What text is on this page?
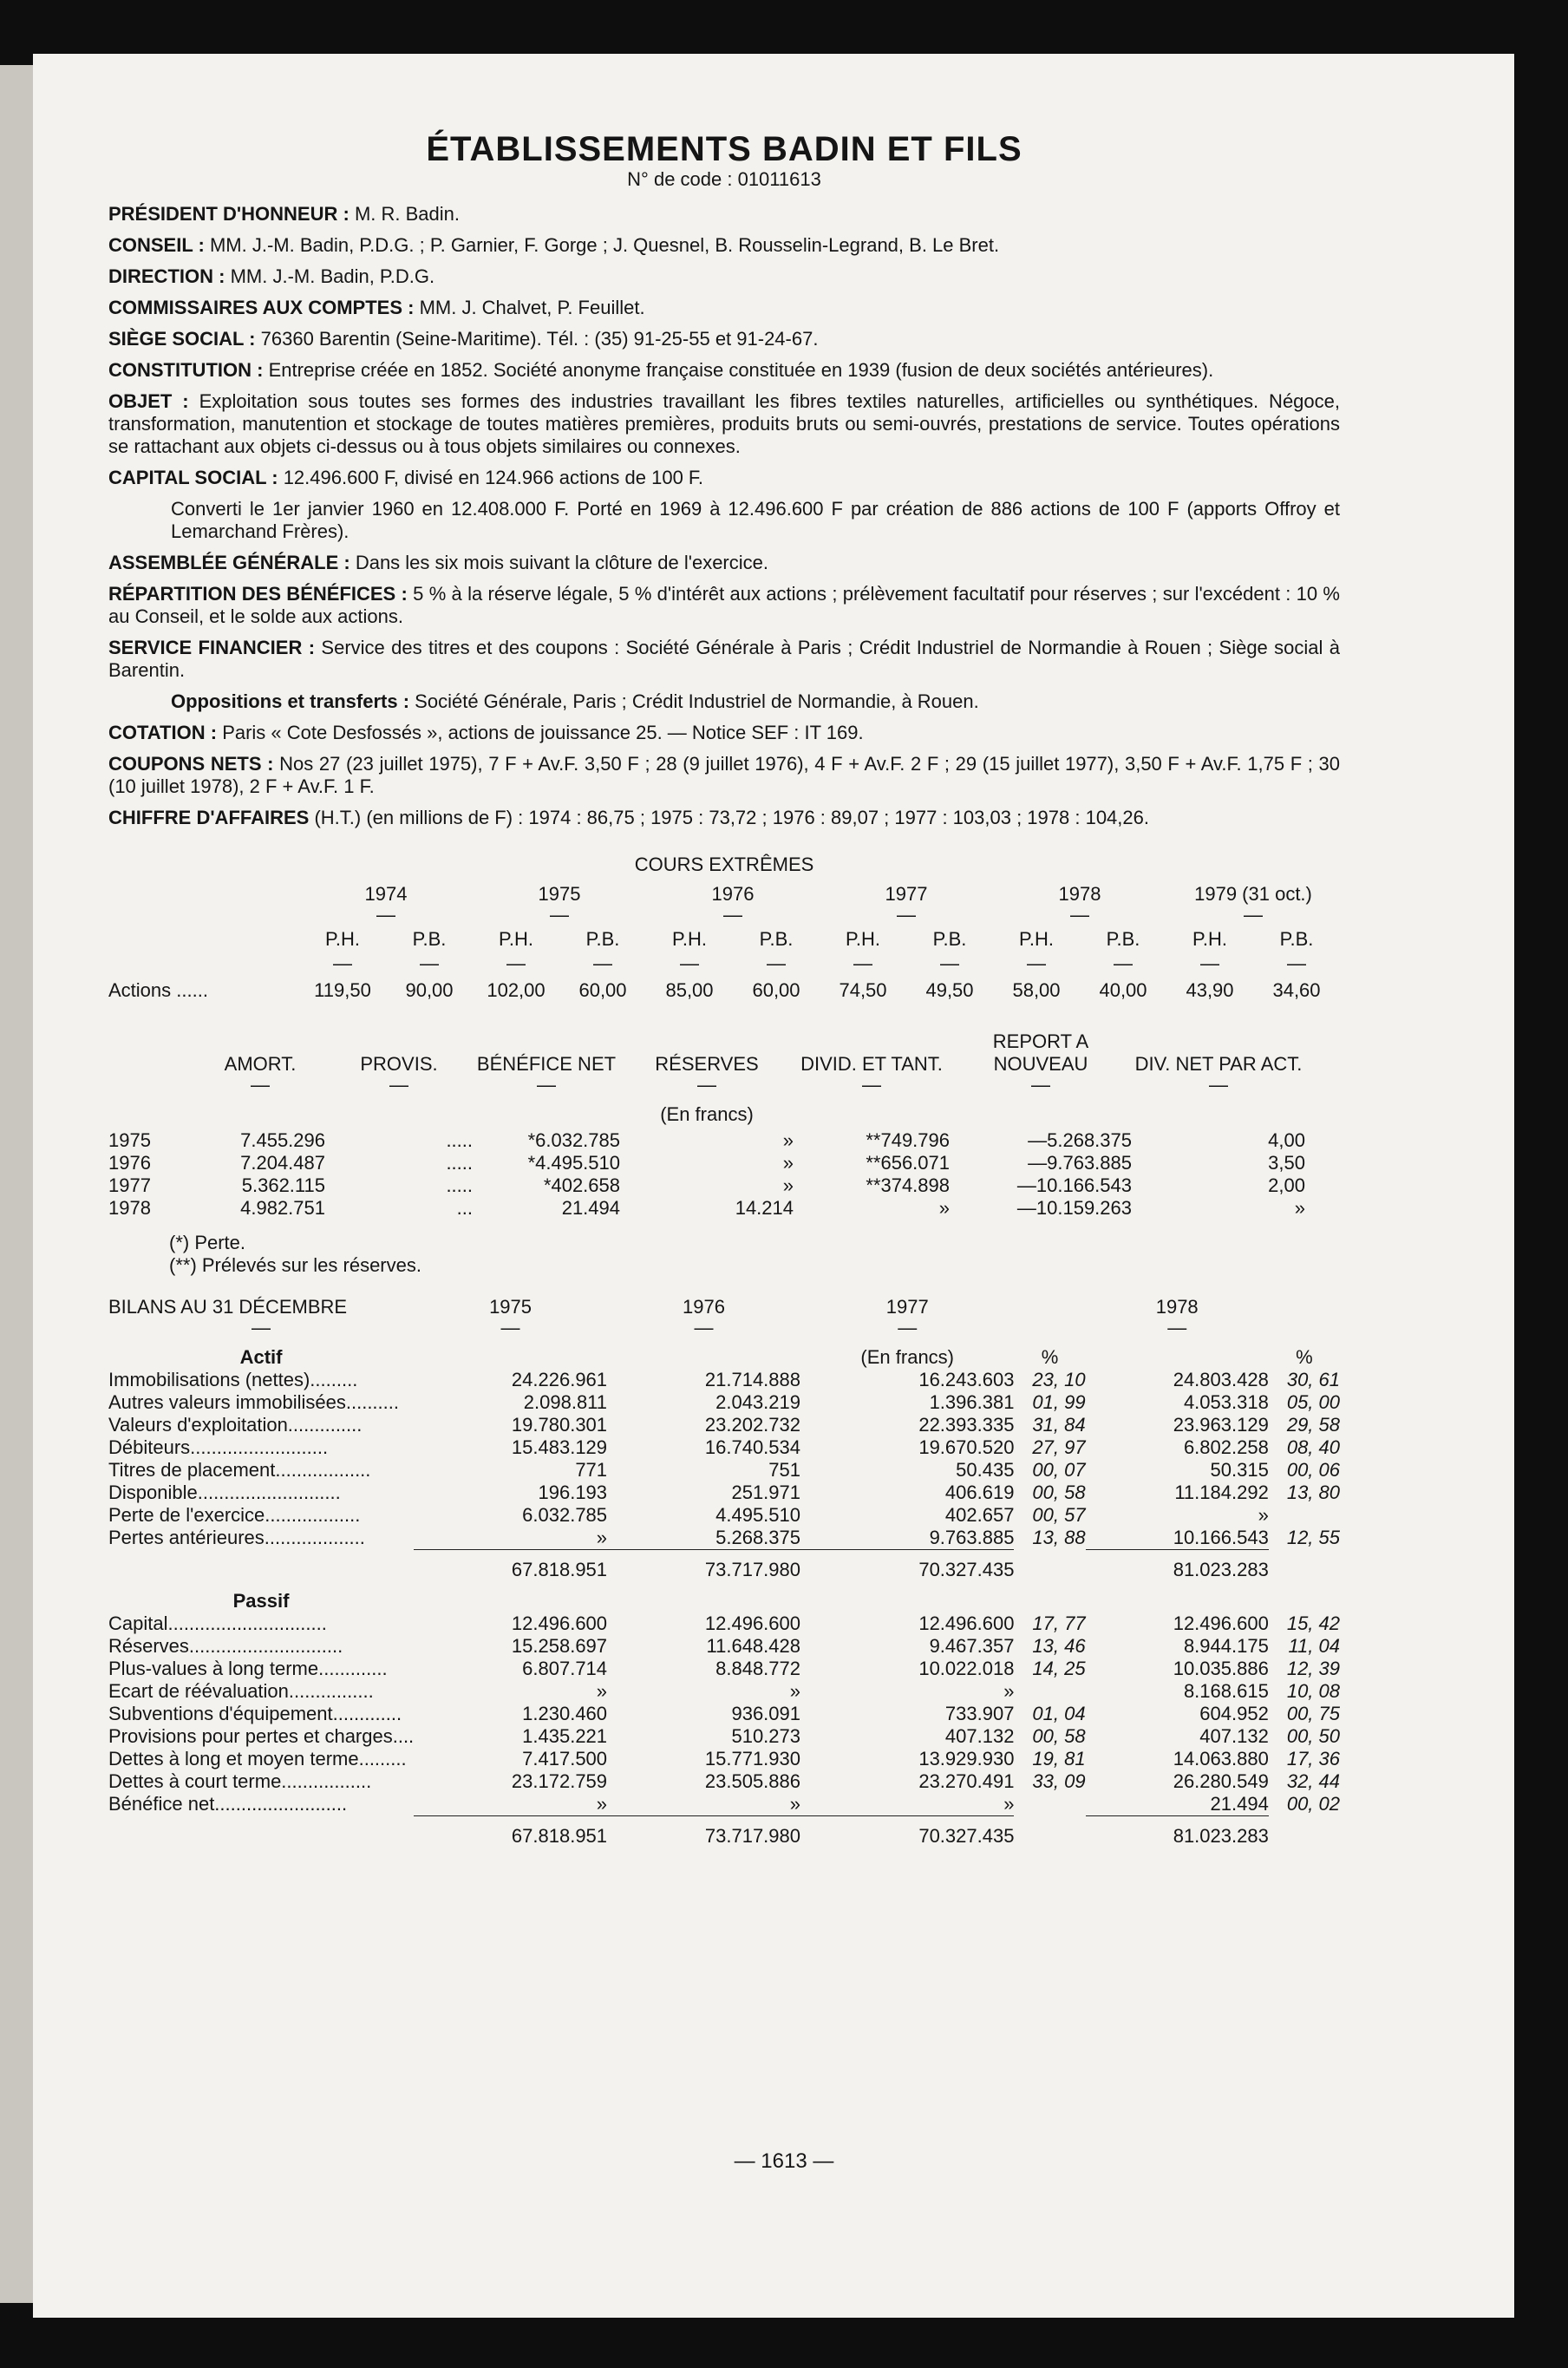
ÉTABLISSEMENTS BADIN ET FILS
N° de code : 01011613

PRÉSIDENT D'HONNEUR : M. R. Badin.

CONSEIL : MM. J.-M. Badin, P.D.G. ; P. Garnier, F. Gorge ; J. Quesnel, B. Rousselin-Legrand, B. Le Bret.

DIRECTION : MM. J.-M. Badin, P.D.G.

COMMISSAIRES AUX COMPTES : MM. J. Chalvet, P. Feuillet.

SIÈGE SOCIAL : 76360 Barentin (Seine-Maritime). Tél. : (35) 91-25-55 et 91-24-67.

CONSTITUTION : Entreprise créée en 1852. Société anonyme française constituée en 1939 (fusion de deux sociétés antérieures).

OBJET : Exploitation sous toutes ses formes des industries travaillant les fibres textiles naturelles, artificielles ou synthétiques. Négoce, transformation, manutention et stockage de toutes matières premières, produits bruts ou semi-ouvrés, prestations de service. Toutes opérations se rattachant aux objets ci-dessus ou à tous objets similaires ou connexes.

CAPITAL SOCIAL : 12.496.600 F, divisé en 124.966 actions de 100 F.

Converti le 1er janvier 1960 en 12.408.000 F. Porté en 1969 à 12.496.600 F par création de 886 actions de 100 F (apports Offroy et Lemarchand Frères).

ASSEMBLÉE GÉNÉRALE : Dans les six mois suivant la clôture de l'exercice.

RÉPARTITION DES BÉNÉFICES : 5 % à la réserve légale, 5 % d'intérêt aux actions ; prélèvement facultatif pour réserves ; sur l'excédent : 10 % au Conseil, et le solde aux actions.

SERVICE FINANCIER : Service des titres et des coupons : Société Générale à Paris ; Crédit Industriel de Normandie à Rouen ; Siège social à Barentin.

Oppositions et transferts : Société Générale, Paris ; Crédit Industriel de Normandie, à Rouen.

COTATION : Paris « Cote Desfossés », actions de jouissance 25. — Notice SEF : IT 169.

COUPONS NETS : Nos 27 (23 juillet 1975), 7 F + Av.F. 3,50 F ; 28 (9 juillet 1976), 4 F + Av.F. 2 F ; 29 (15 juillet 1977), 3,50 F + Av.F. 1,75 F ; 30 (10 juillet 1978), 2 F + Av.F. 1 F.

CHIFFRE D'AFFAIRES (H.T.) (en millions de F) : 1974 : 86,75 ; 1975 : 73,72 ; 1976 : 89,07 ; 1977 : 103,03 ; 1978 : 104,26.

COURS EXTRÊMES
	1974		1975		1976		1977		1978		1979 (31 oct.)	
	—		—		—		—		—		—	
	P.H.	P.B.	P.H.	P.B.	P.H.	P.B.	P.H.	P.B.	P.H.	P.B.	P.H.	P.B.
	—	—	—	—	—	—	—	—	—	—	—	—
Actions ......	119,50	90,00	102,00	60,00	85,00	60,00	74,50	49,50	58,00	40,00	43,90	34,60
	AMORT.	PROVIS.	BÉNÉFICE NET	RÉSERVES	DIVID. ET TANT.	REPORT A NOUVEAU	DIV. NET PAR ACT.
	—	—	—	—	—	—	—
(En francs)							
1975	7.455.296	.....	*6.032.785	»	**749.796	—5.268.375	4,00
1976	7.204.487	.....	*4.495.510	»	**656.071	—9.763.885	3,50
1977	5.362.115	.....	*402.658	»	**374.898	—10.166.543	2,00
1978	4.982.751	...	21.494	14.214	»	—10.159.263	»
(*) Perte.
(**) Prélevés sur les réserves.
BILANS AU 31 DÉCEMBRE	1975	1976	1977		1978	
—	—	—	—		—	
Actif			(En francs)	%		%
Immobilisations (nettes).........	24.226.961	21.714.888	16.243.603	23, 10	24.803.428	30, 61
Autres valeurs immobilisées..........	2.098.811	2.043.219	1.396.381	01, 99	4.053.318	05, 00
Valeurs d'exploitation..............	19.780.301	23.202.732	22.393.335	31, 84	23.963.129	29, 58
Débiteurs..........................	15.483.129	16.740.534	19.670.520	27, 97	6.802.258	08, 40
Titres de placement..................	771	751	50.435	00, 07	50.315	00, 06
Disponible...........................	196.193	251.971	406.619	00, 58	11.184.292	13, 80
Perte de l'exercice..................	6.032.785	4.495.510	402.657	00, 57	»	
Pertes antérieures...................	»	5.268.375	9.763.885	13, 88	10.166.543	12, 55
	67.818.951	73.717.980	70.327.435		81.023.283	
Passif						
Capital..............................	12.496.600	12.496.600	12.496.600	17, 77	12.496.600	15, 42
Réserves.............................	15.258.697	11.648.428	9.467.357	13, 46	8.944.175	11, 04
Plus-values à long terme.............	6.807.714	8.848.772	10.022.018	14, 25	10.035.886	12, 39
Ecart de réévaluation................	»	»	»		8.168.615	10, 08
Subventions d'équipement.............	1.230.460	936.091	733.907	01, 04	604.952	00, 75
Provisions pour pertes et charges....	1.435.221	510.273	407.132	00, 58	407.132	00, 50
Dettes à long et moyen terme.........	7.417.500	15.771.930	13.929.930	19, 81	14.063.880	17, 36
Dettes à court terme.................	23.172.759	23.505.886	23.270.491	33, 09	26.280.549	32, 44
Bénéfice net.........................	»	»	»		21.494	00, 02
	67.818.951	73.717.980	70.327.435		81.023.283	
— 1613 —
